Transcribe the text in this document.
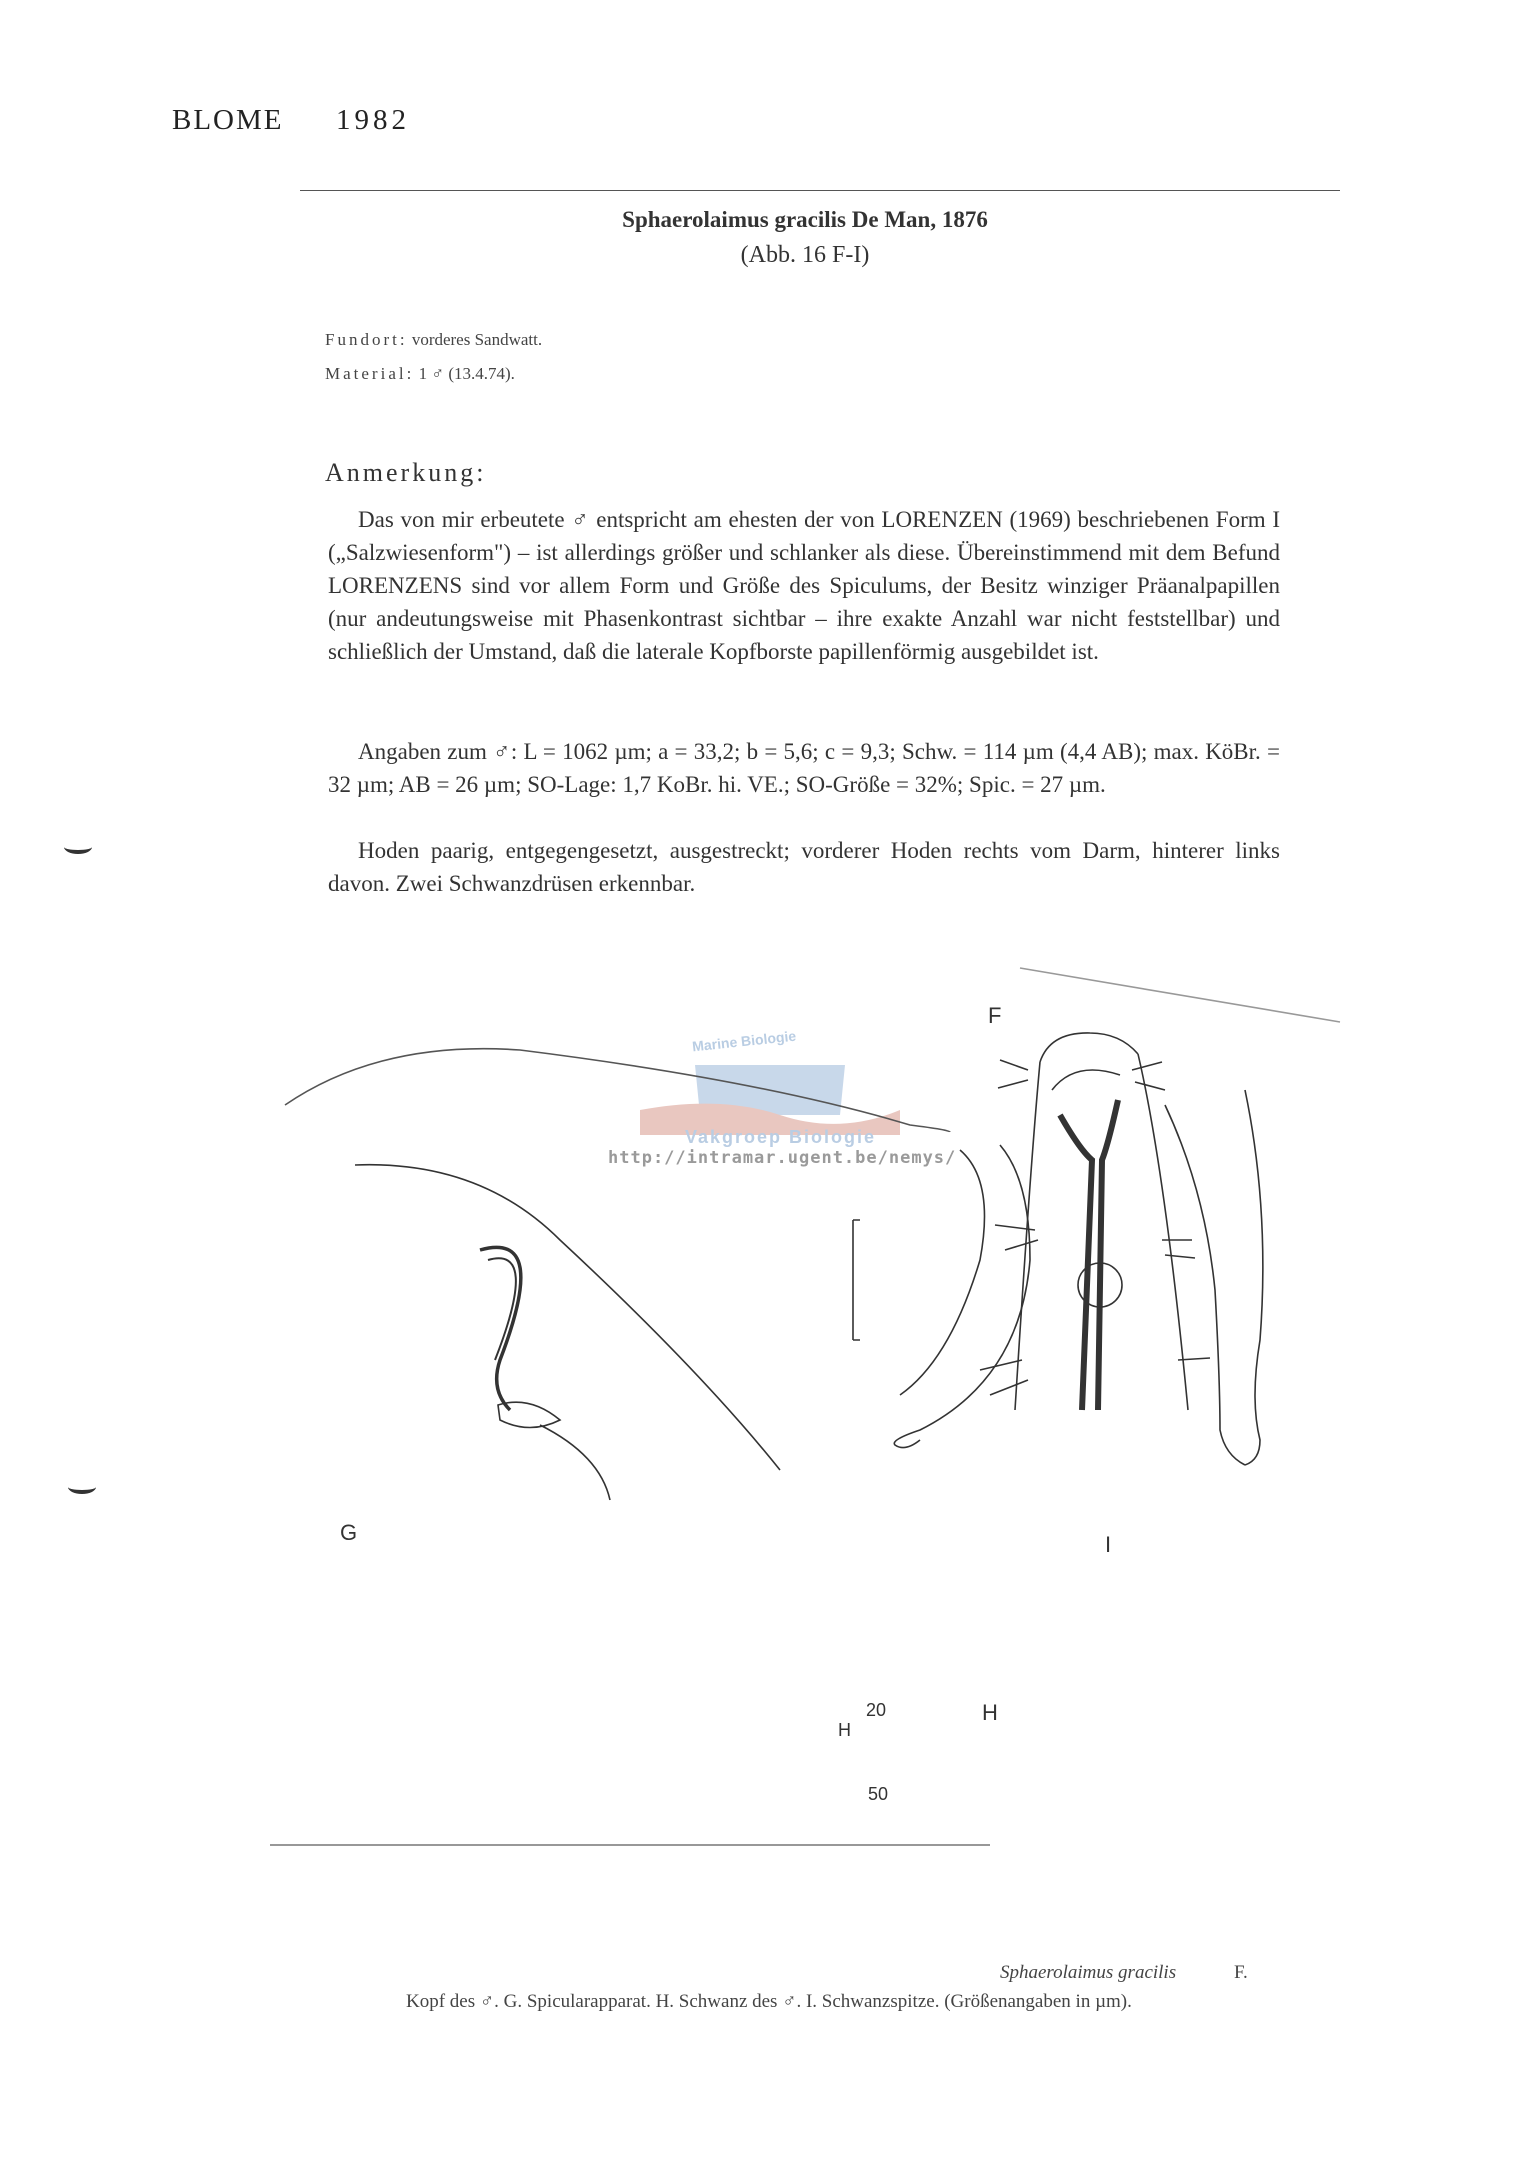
BLOME 1982
Sphaerolaimus gracilis De Man, 1876
(Abb. 16 F-I)
Fundort: vorderes Sandwatt.
Material: 1 ♂ (13.4.74).
Anmerkung:
Das von mir erbeutete ♂ entspricht am ehesten der von LORENZEN (1969) beschriebenen Form I („Salzwiesenform") – ist allerdings größer und schlanker als diese. Übereinstimmend mit dem Befund LORENZENS sind vor allem Form und Größe des Spiculums, der Besitz winziger Präanalpapillen (nur andeutungsweise mit Phasenkontrast sichtbar – ihre exakte Anzahl war nicht feststellbar) und schließlich der Umstand, daß die laterale Kopfborste papillenförmig ausgebildet ist.
Angaben zum ♂: L = 1062 µm; a = 33,2; b = 5,6; c = 9,3; Schw. = 114 µm (4,4 AB); max. KöBr. = 32 µm; AB = 26 µm; SO-Lage: 1,7 KoBr. hi. VE.; SO-Größe = 32%; Spic. = 27 µm.
Hoden paarig, entgegengesetzt, ausgestreckt; vorderer Hoden rechts vom Darm, hinterer links davon. Zwei Schwanzdrüsen erkennbar.
Marine Biologie
Vakgroep Biologie
http://intramar.ugent.be/nemys/
F
G
H
I
H
20
50
Sphaerolaimus gracilis	F.
Kopf des ♂. G. Spicularapparat. H. Schwanz des ♂. I. Schwanzspitze. (Größenangaben in µm).
